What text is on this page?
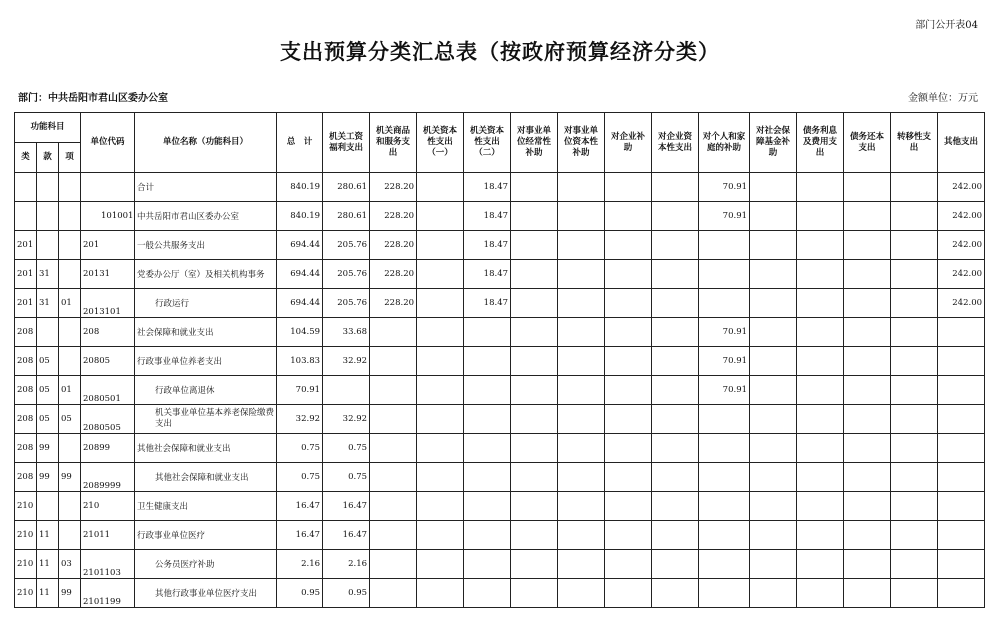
部门公开表04
支出预算分类汇总表（按政府预算经济分类）
部门：中共岳阳市君山区委办公室	金额单位：万元
功能科目			单位代码	单位名称（功能科目）	总　计	机关工资福利支出	机关商品和服务支出	机关资本性支出（一）	机关资本性支出（二）	对事业单位经常性补助	对事业单位资本性补助	对企业补助	对企业资本性支出	对个人和家庭的补助	对社会保障基金补助	债务利息及费用支出	债务还本支出	转移性支出	其他支出
类	款	项																	
				合计	840.19	280.61	228.20		18.47					70.91					242.00

			101001	中共岳阳市君山区委办公室	840.19	280.61	228.20		18.47					70.91					242.00
201			201	一般公共服务支出	694.44	205.76	228.20		18.47										242.00
201	31		20131	党委办公厅（室）及相关机构事务	694.44	205.76	228.20		18.47										242.00
201	31	01	2013101	行政运行	694.44	205.76	228.20		18.47										242.00
208			208	社会保障和就业支出	104.59	33.68								70.91					
208	05		20805	行政事业单位养老支出	103.83	32.92								70.91					
208	05	01	2080501	行政单位离退休	70.91									70.91					
208	05	05	2080505	机关事业单位基本养老保险缴费支出	32.92	32.92													
208	99		20899	其他社会保障和就业支出	0.75	0.75													
208	99	99	2089999	其他社会保障和就业支出	0.75	0.75													
210			210	卫生健康支出	16.47	16.47													
210	11		21011	行政事业单位医疗	16.47	16.47													
210	11	03	2101103	公务员医疗补助	2.16	2.16													
210	11	99	2101199	其他行政事业单位医疗支出	0.95	0.95													
